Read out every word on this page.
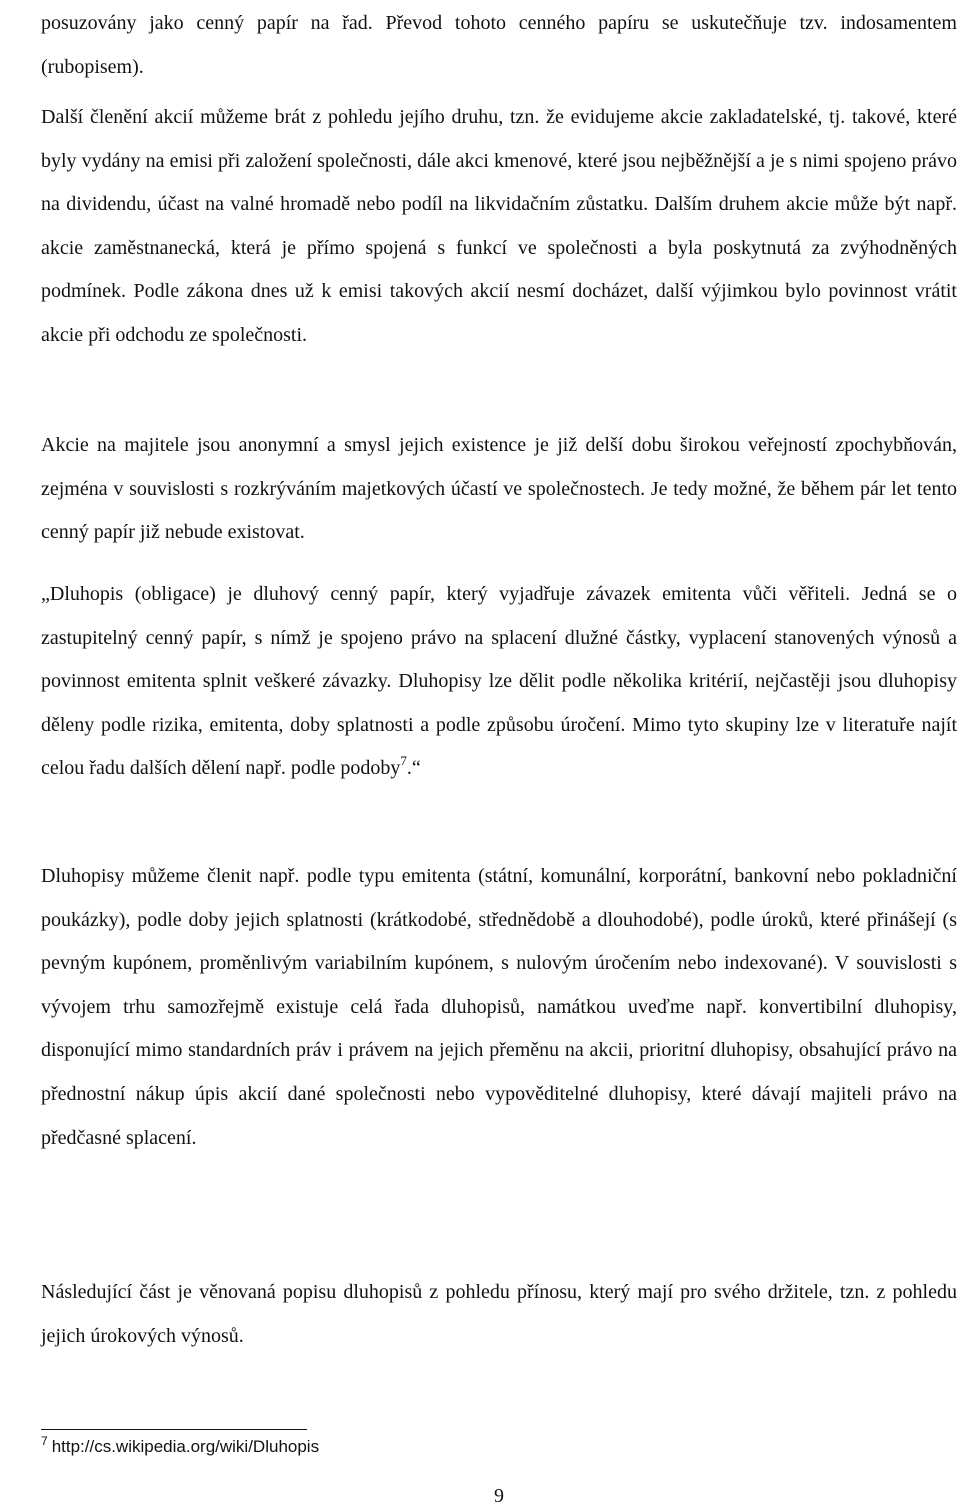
posuzovány jako cenný papír na řad. Převod tohoto cenného papíru se uskutečňuje tzv. indosamentem (rubopisem).

Další členění akcií můžeme brát z pohledu jejího druhu, tzn. že evidujeme akcie zakladatelské, tj. takové, které byly vydány na emisi při založení společnosti, dále akci kmenové, které jsou nejběžnější a je s nimi spojeno právo na dividendu, účast na valné hromadě nebo podíl na likvidačním zůstatku. Dalším druhem akcie může být např. akcie zaměstnanecká, která je přímo spojená s funkcí ve společnosti a byla poskytnutá za zvýhodněných podmínek. Podle zákona dnes už k emisi takových akcií nesmí docházet, další výjimkou bylo povinnost vrátit akcie při odchodu ze společnosti.

Akcie na majitele jsou anonymní a smysl jejich existence je již delší dobu širokou veřejností zpochybňován, zejména v souvislosti s rozkrýváním majetkových účastí ve společnostech. Je tedy možné, že během pár let tento cenný papír již nebude existovat.

„Dluhopis (obligace) je dluhový cenný papír, který vyjadřuje závazek emitenta vůči věřiteli. Jedná se o zastupitelný cenný papír, s nímž je spojeno právo na splacení dlužné částky, vyplacení stanovených výnosů a povinnost emitenta splnit veškeré závazky. Dluhopisy lze dělit podle několika kritérií, nejčastěji jsou dluhopisy děleny podle rizika, emitenta, doby splatnosti a podle způsobu úročení. Mimo tyto skupiny lze v literatuře najít celou řadu dalších dělení např. podle podoby$^7$.“

Dluhopisy můžeme členit např. podle typu emitenta (státní, komunální, korporátní, bankovní nebo pokladniční poukázky), podle doby jejich splatnosti (krátkodobé, střednědobě a dlouhodobé), podle úroků, které přinášejí (s pevným kupónem, proměnlivým variabilním kupónem, s nulovým úročením nebo indexované). V souvislosti s vývojem trhu samozřejmě existuje celá řada dluhopisů, namátkou uveďme např. konvertibilní dluhopisy, disponující mimo standardních práv i právem na jejich přeměnu na akcii, prioritní dluhopisy, obsahující právo na přednostní nákup úpis akcií dané společnosti nebo vypověditelné dluhopisy, které dávají majiteli právo na předčasné splacení.

Následující část je věnovaná popisu dluhopisů z pohledu přínosu, který mají pro svého držitele, tzn. z pohledu jejich úrokových výnosů.

$^7$ http://cs.wikipedia.org/wiki/Dluhopis
9
